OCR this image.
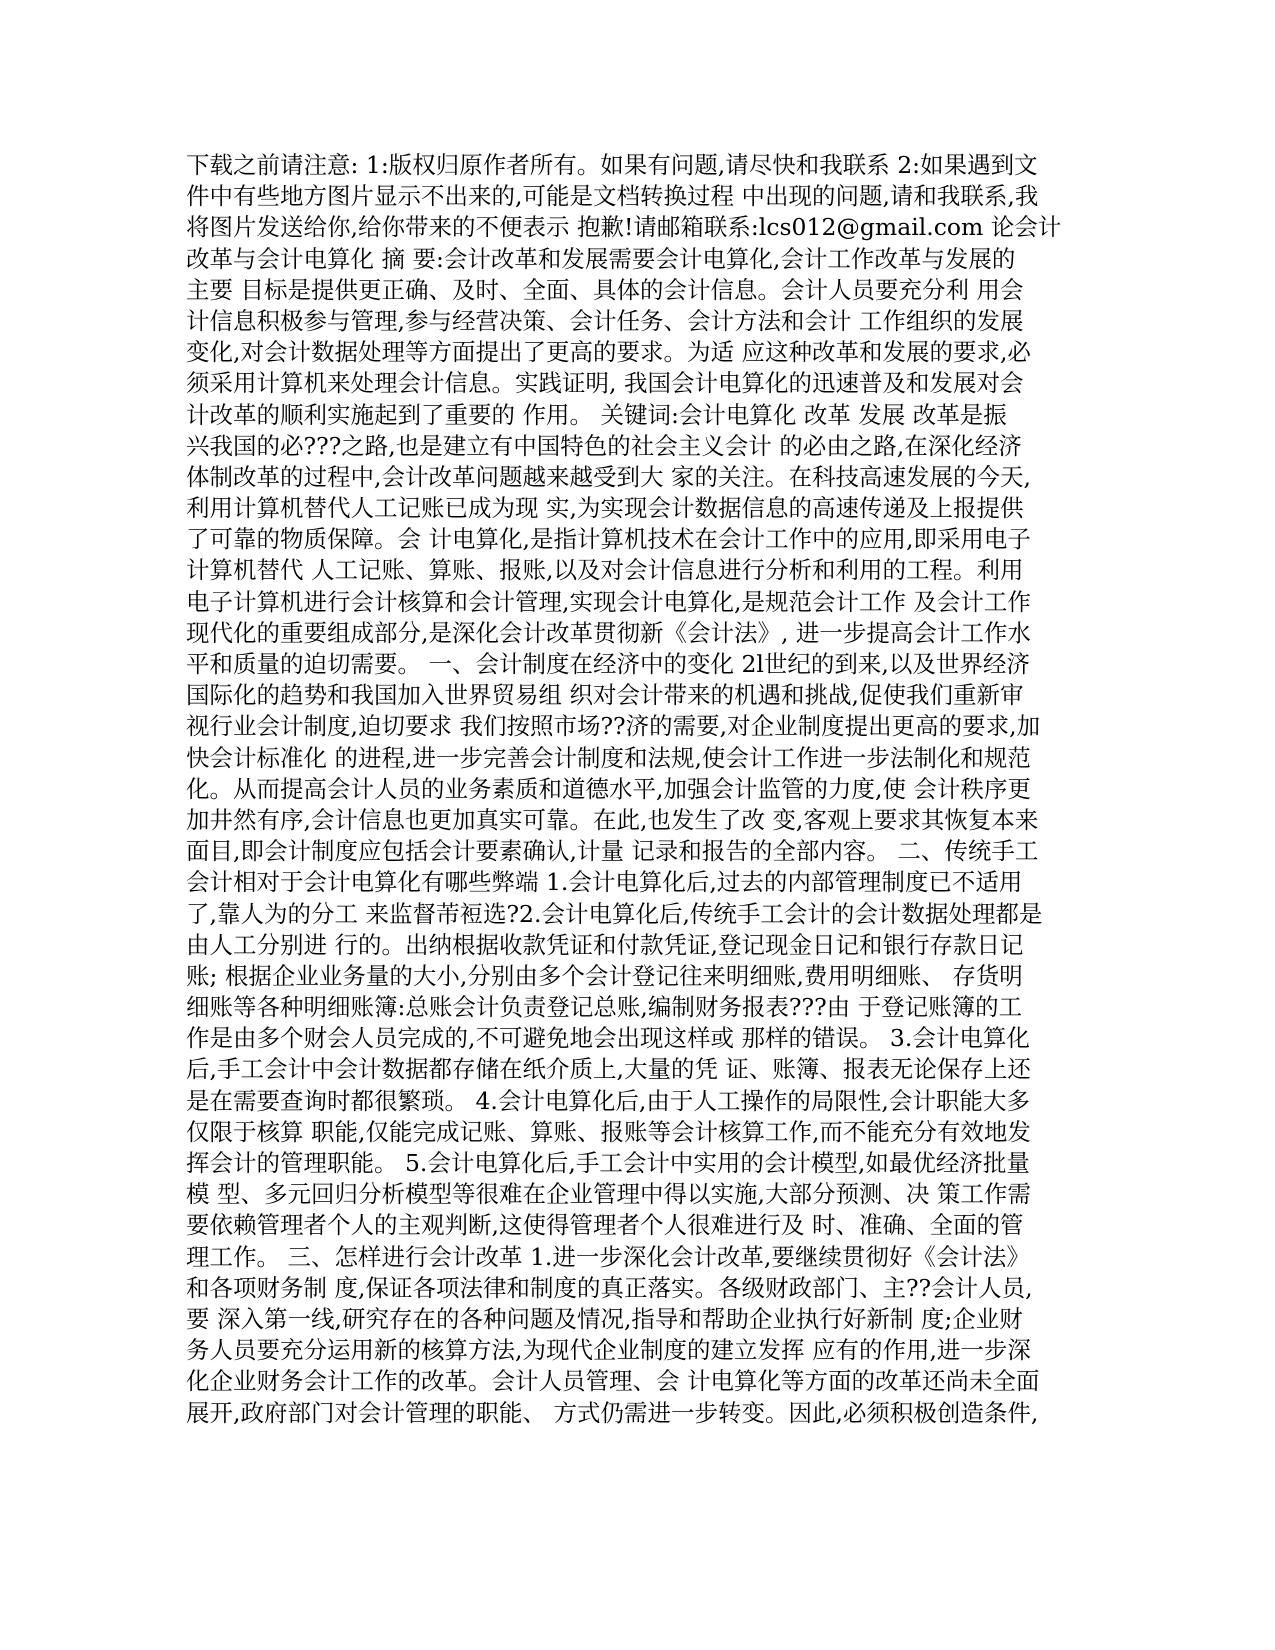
下载之前请注意: 1:版权归原作者所有。如果有问题,请尽快和我联系 2:如果遇到文
件中有些地方图片显示不出来的,可能是文档转换过程 中出现的问题,请和我联系,我
将图片发送给你,给你带来的不便表示 抱歉!请邮箱联系:lcs012@gmail.com 论会计
改革与会计电算化 摘 要:会计改革和发展需要会计电算化,会计工作改革与发展的
主要 目标是提供更正确、及时、全面、具体的会计信息。会计人员要充分利 用会
计信息积极参与管理,参与经营决策、会计任务、会计方法和会计 工作组织的发展
变化,对会计数据处理等方面提出了更高的要求。为适 应这种改革和发展的要求,必
须采用计算机来处理会计信息。实践证明, 我国会计电算化的迅速普及和发展对会
计改革的顺利实施起到了重要的 作用。 关键词:会计电算化 改革 发展 改革是振
兴我国的必???之路,也是建立有中国特色的社会主义会计 的必由之路,在深化经济
体制改革的过程中,会计改革问题越来越受到大 家的关注。在科技高速发展的今天,
利用计算机替代人工记账已成为现 实,为实现会计数据信息的高速传递及上报提供
了可靠的物质保障。会 计电算化,是指计算机技术在会计工作中的应用,即采用电子
计算机替代 人工记账、算账、报账,以及对会计信息进行分析和利用的工程。利用
电子计算机进行会计核算和会计管理,实现会计电算化,是规范会计工作 及会计工作
现代化的重要组成部分,是深化会计改革贯彻新《会计法》, 进一步提高会计工作水
平和质量的迫切需要。 一、会计制度在经济中的变化 2l世纪的到来,以及世界经济
国际化的趋势和我国加入世界贸易组 织对会计带来的机遇和挑战,促使我们重新审
视行业会计制度,迫切要求 我们按照市场??济的需要,对企业制度提出更高的要求,加
快会计标准化 的进程,进一步完善会计制度和法规,使会计工作进一步法制化和规范
化。从而提高会计人员的业务素质和道德水平,加强会计监管的力度,使 会计秩序更
加井然有序,会计信息也更加真实可靠。在此,也发生了改 变,客观上要求其恢复本来
面目,即会计制度应包括会计要素确认,计量 记录和报告的全部内容。 二、传统手工
会计相对于会计电算化有哪些弊端 1.会计电算化后,过去的内部管理制度已不适用
了,靠人为的分工 来监督芾裋选?2.会计电算化后,传统手工会计的会计数据处理都是
由人工分别进 行的。出纳根据收款凭证和付款凭证,登记现金日记和银行存款日记
账; 根据企业业务量的大小,分别由多个会计登记往来明细账,费用明细账、 存货明
细账等各种明细账簿:总账会计负责登记总账,编制财务报表???由 于登记账簿的工
作是由多个财会人员完成的,不可避免地会出现这样或 那样的错误。 3.会计电算化
后,手工会计中会计数据都存储在纸介质上,大量的凭 证、账簿、报表无论保存上还
是在需要查询时都很繁琐。 4.会计电算化后,由于人工操作的局限性,会计职能大多
仅限于核算 职能,仅能完成记账、算账、报账等会计核算工作,而不能充分有效地发
挥会计的管理职能。 5.会计电算化后,手工会计中实用的会计模型,如最优经济批量
模 型、多元回归分析模型等很难在企业管理中得以实施,大部分预测、决 策工作需
要依赖管理者个人的主观判断,这使得管理者个人很难进行及 时、准确、全面的管
理工作。 三、怎样进行会计改革 1.进一步深化会计改革,要继续贯彻好《会计法》
和各项财务制 度,保证各项法律和制度的真正落实。各级财政部门、主??会计人员,
要 深入第一线,研究存在的各种问题及情况,指导和帮助企业执行好新制 度;企业财
务人员要充分运用新的核算方法,为现代企业制度的建立发挥 应有的作用,进一步深
化企业财务会计工作的改革。会计人员管理、会 计电算化等方面的改革还尚未全面
展开,政府部门对会计管理的职能、 方式仍需进一步转变。因此,必须积极创造条件,
